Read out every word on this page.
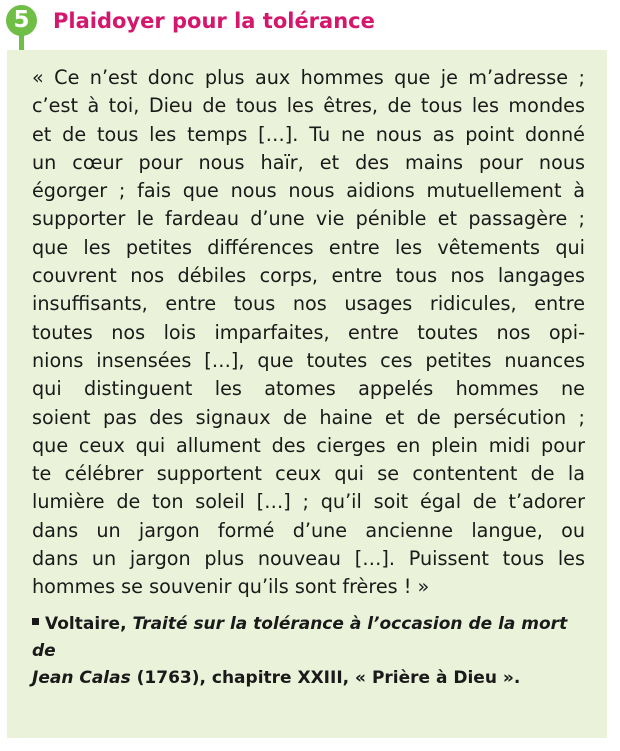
5	Plaidoyer pour la tolérance
« Ce n’est donc plus aux hommes que je m’adresse ;
c’est à toi, Dieu de tous les êtres, de tous les mondes
et de tous les temps […]. Tu ne nous as point donné
un cœur pour nous haïr, et des mains pour nous
égorger ; fais que nous nous aidions mutuellement à
supporter le fardeau d’une vie pénible et passagère ;
que les petites différences entre les vêtements qui
couvrent nos débiles corps, entre tous nos langages
insuffisants, entre tous nos usages ridicules, entre
toutes nos lois imparfaites, entre toutes nos opi-
nions insensées […], que toutes ces petites nuances
qui distinguent les atomes appelés hommes ne
soient pas des signaux de haine et de persécution ;
que ceux qui allument des cierges en plein midi pour
te célébrer supportent ceux qui se contentent de la
lumière de ton soleil […] ; qu’il soit égal de t’adorer
dans un jargon formé d’une ancienne langue, ou
dans un jargon plus nouveau […]. Puissent tous les
hommes se souvenir qu’ils sont frères ! »
Voltaire, Traité sur la tolérance à l’occasion de la mort de
Jean Calas (1763), chapitre XXIII, « Prière à Dieu ».
